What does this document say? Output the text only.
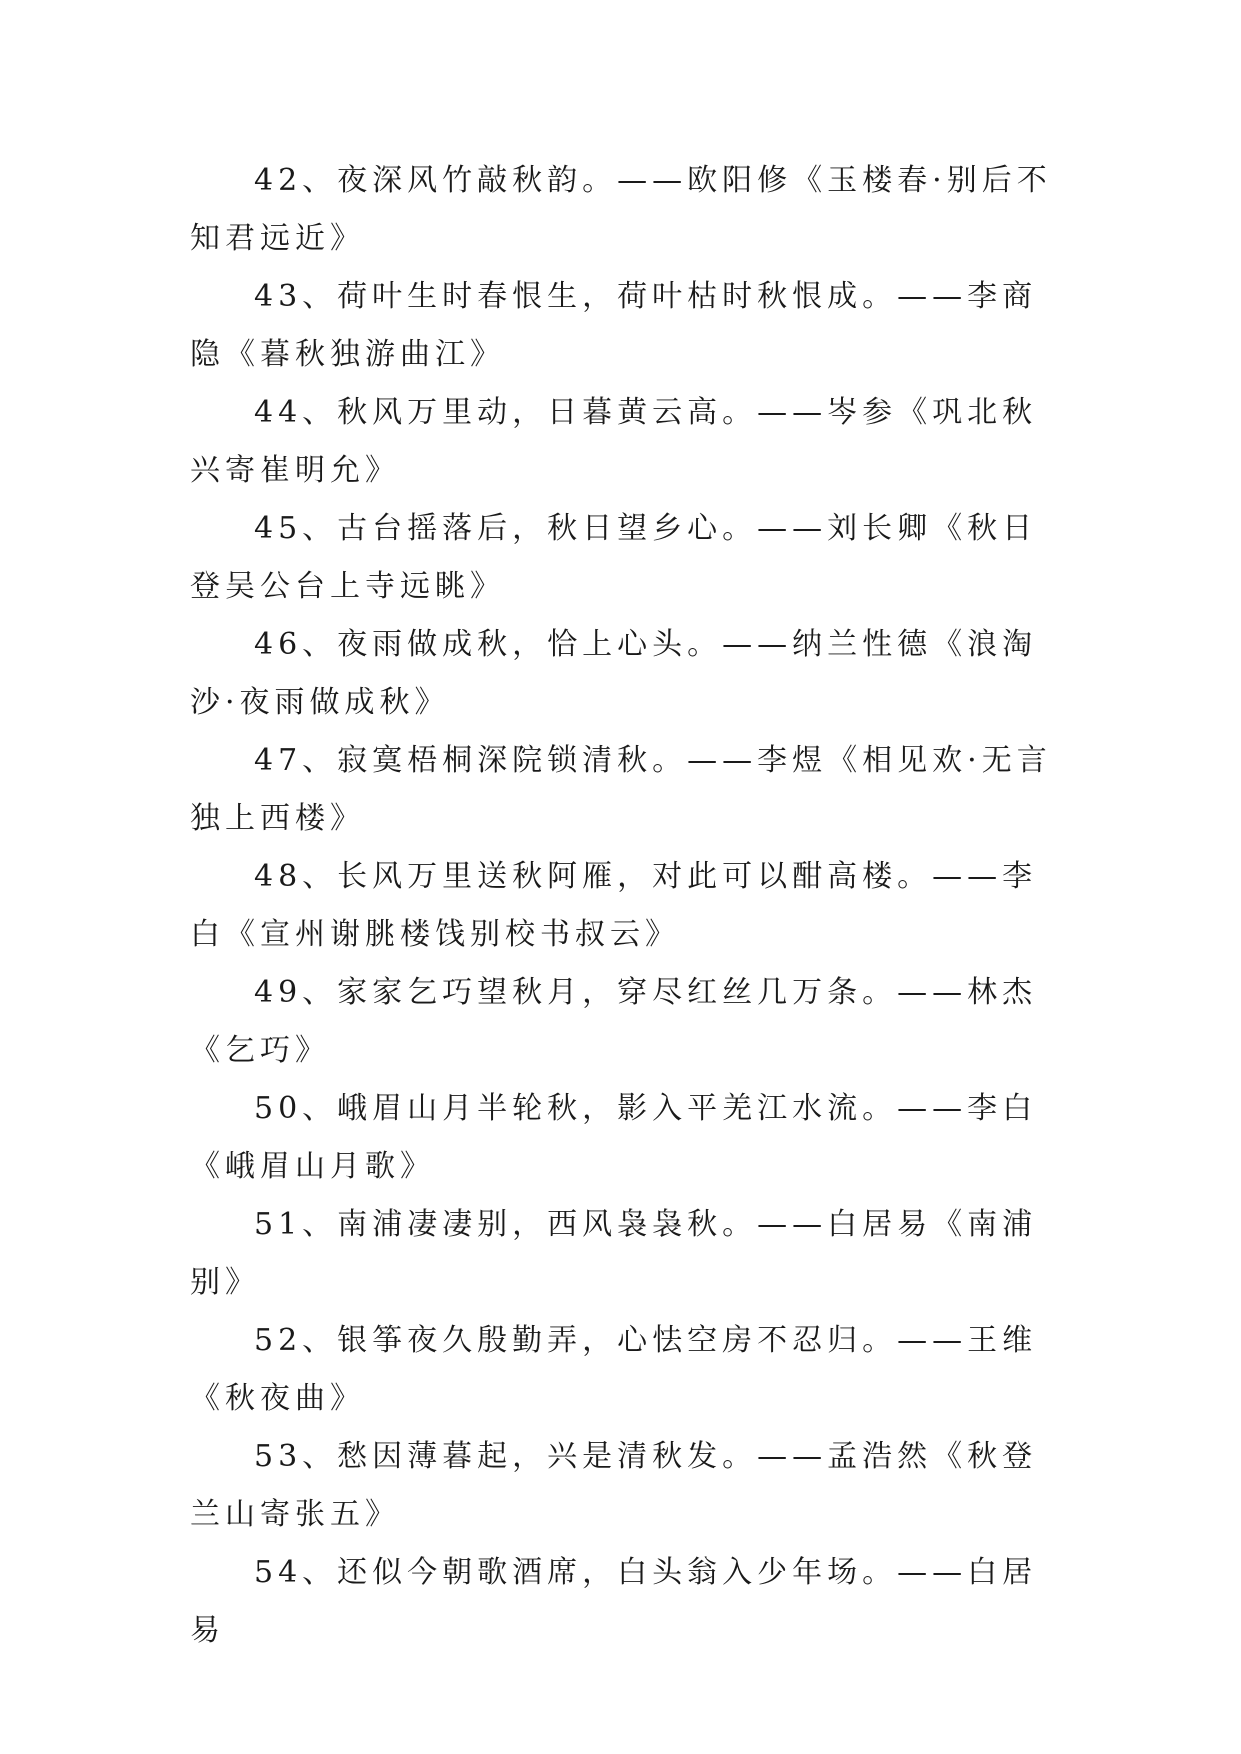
42、夜深风竹敲秋韵。——欧阳修《玉楼春·别后不知君远近》

43、荷叶生时春恨生，荷叶枯时秋恨成。——李商隐《暮秋独游曲江》

44、秋风万里动，日暮黄云高。——岑参《巩北秋兴寄崔明允》

45、古台摇落后，秋日望乡心。——刘长卿《秋日登吴公台上寺远眺》

46、夜雨做成秋，恰上心头。——纳兰性德《浪淘沙·夜雨做成秋》

47、寂寞梧桐深院锁清秋。——李煜《相见欢·无言独上西楼》

48、长风万里送秋阿雁，对此可以酣高楼。——李白《宣州谢朓楼饯别校书叔云》

49、家家乞巧望秋月，穿尽红丝几万条。——林杰《乞巧》

50、峨眉山月半轮秋，影入平羌江水流。——李白《峨眉山月歌》

51、南浦凄凄别，西风袅袅秋。——白居易《南浦别》

52、银筝夜久殷勤弄，心怯空房不忍归。——王维《秋夜曲》

53、愁因薄暮起，兴是清秋发。——孟浩然《秋登兰山寄张五》

54、还似今朝歌酒席，白头翁入少年场。——白居易
